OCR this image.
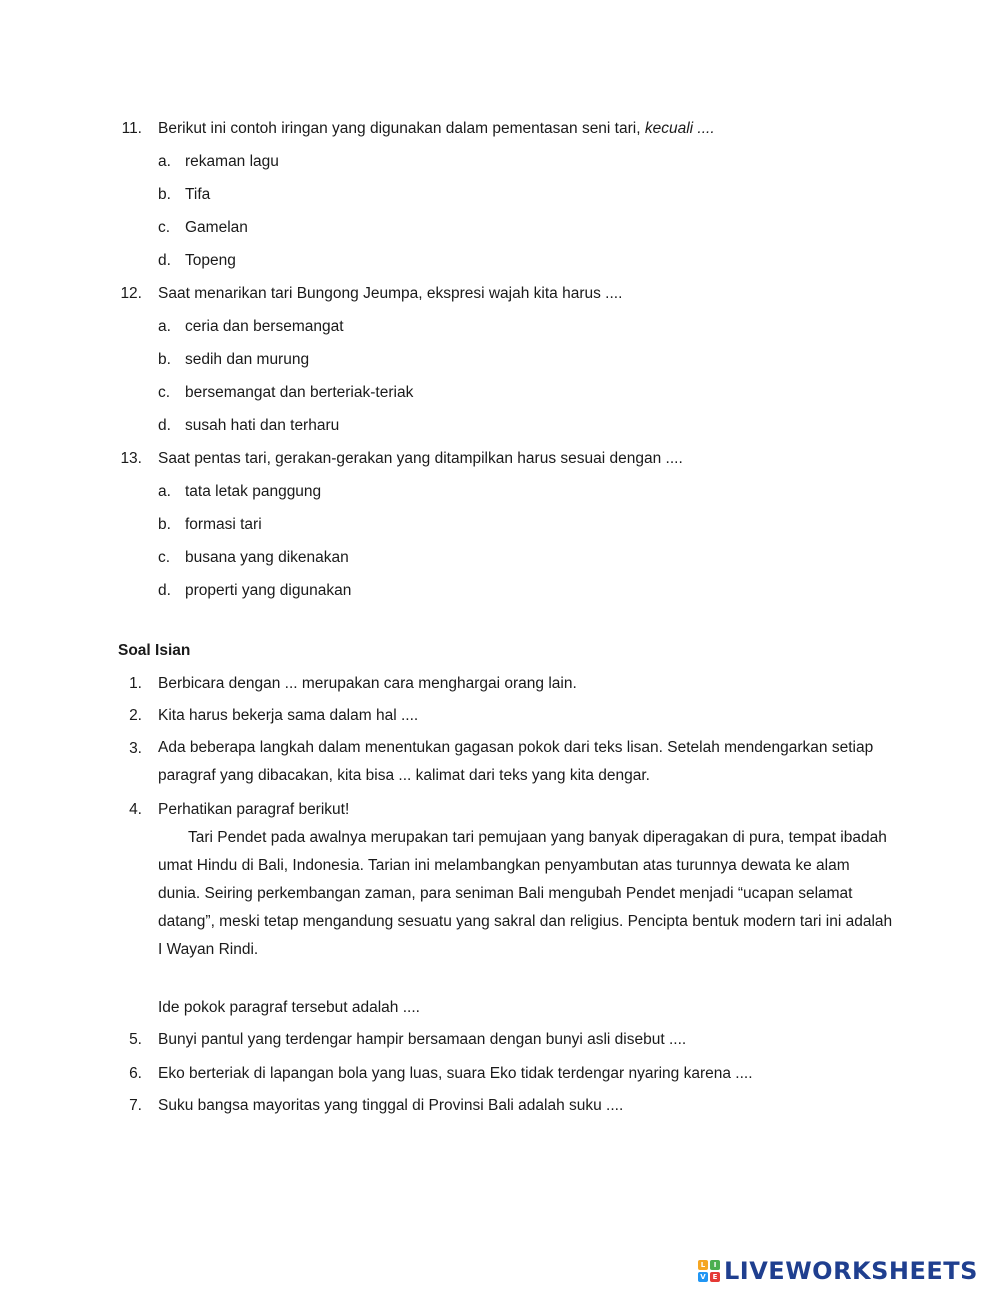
11. Berikut ini contoh iringan yang digunakan dalam pementasan seni tari, kecuali ....
a. rekaman lagu
b. Tifa
c. Gamelan
d. Topeng
12. Saat menarikan tari Bungong Jeumpa, ekspresi wajah kita harus ....
a. ceria dan bersemangat
b. sedih dan murung
c. bersemangat dan berteriak-teriak
d. susah hati dan terharu
13. Saat pentas tari, gerakan-gerakan yang ditampilkan harus sesuai dengan ....
a. tata letak panggung
b. formasi tari
c. busana yang dikenakan
d. properti yang digunakan
Soal Isian
1. Berbicara dengan ... merupakan cara menghargai orang lain.
2. Kita harus bekerja sama dalam hal ....
3. Ada beberapa langkah dalam menentukan gagasan pokok dari teks lisan. Setelah mendengarkan setiap paragraf yang dibacakan, kita bisa ... kalimat dari teks yang kita dengar.
4. Perhatikan paragraf berikut!
Tari Pendet pada awalnya merupakan tari pemujaan yang banyak diperagakan di pura, tempat ibadah umat Hindu di Bali, Indonesia. Tarian ini melambangkan penyambutan atas turunnya dewata ke alam dunia. Seiring perkembangan zaman, para seniman Bali mengubah Pendet menjadi “ucapan selamat datang”, meski tetap mengandung sesuatu yang sakral dan religius. Pencipta bentuk modern tari ini adalah I Wayan Rindi.
Ide pokok paragraf tersebut adalah ....
5. Bunyi pantul yang terdengar hampir bersamaan dengan bunyi asli disebut ....
6. Eko berteriak di lapangan bola yang luas, suara Eko tidak terdengar nyaring karena ....
7. Suku bangsa mayoritas yang tinggal di Provinsi Bali adalah suku ....
L	I
V E LIVEWORKSHEETS
